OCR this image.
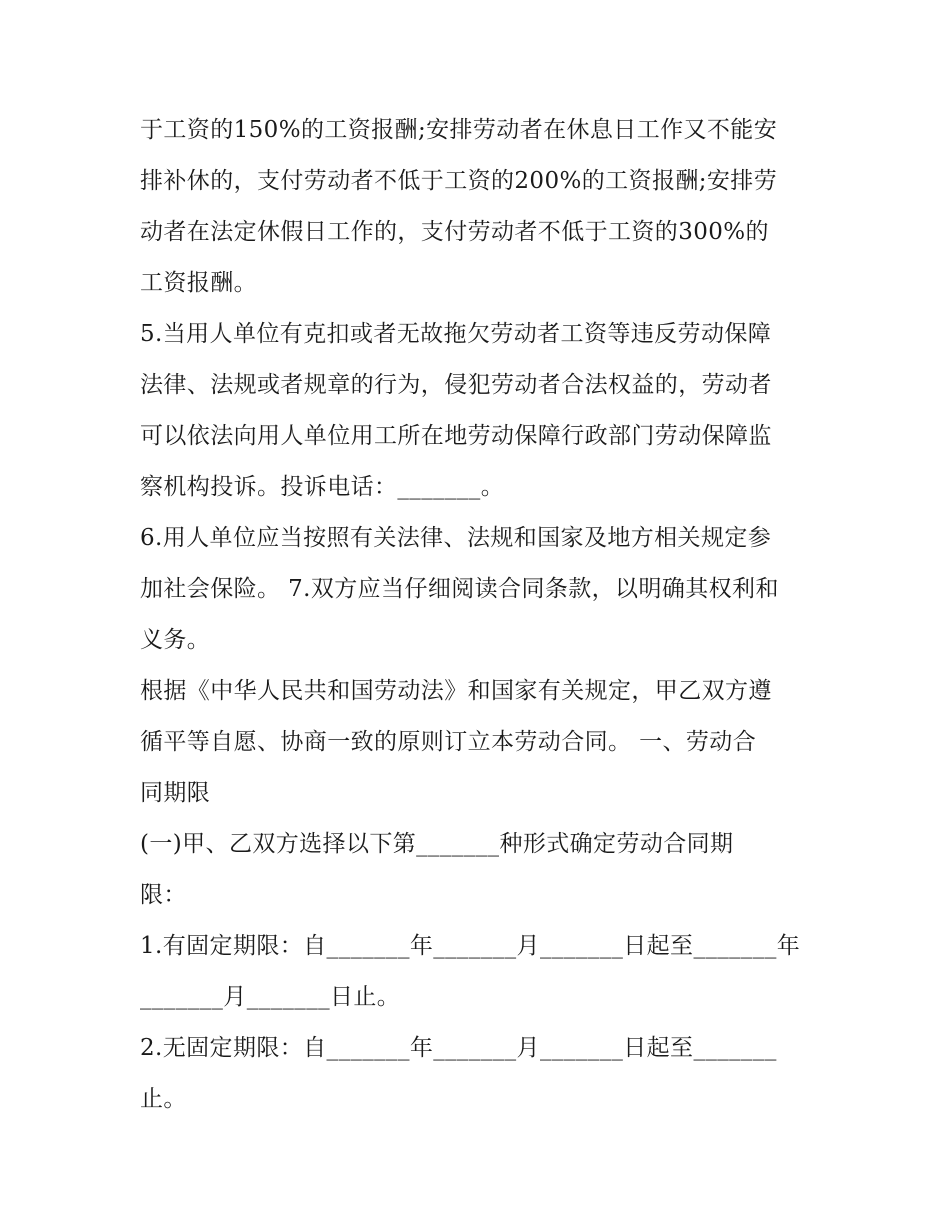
于工资的150%的工资报酬;安排劳动者在休息日工作又不能安
排补休的，支付劳动者不低于工资的200%的工资报酬;安排劳
动者在法定休假日工作的，支付劳动者不低于工资的300%的
工资报酬。
5.当用人单位有克扣或者无故拖欠劳动者工资等违反劳动保障
法律、法规或者规章的行为，侵犯劳动者合法权益的，劳动者
可以依法向用人单位用工所在地劳动保障行政部门劳动保障监
察机构投诉。投诉电话：_______。
6.用人单位应当按照有关法律、法规和国家及地方相关规定参
加社会保险。 7.双方应当仔细阅读合同条款，以明确其权利和
义务。
根据《中华人民共和国劳动法》和国家有关规定，甲乙双方遵
循平等自愿、协商一致的原则订立本劳动合同。 一、劳动合
同期限
(一)甲、乙双方选择以下第_______种形式确定劳动合同期
限：
1.有固定期限：自_______年_______月_______日起至_______年
_______月_______日止。
2.无固定期限：自_______年_______月_______日起至_______
止。
